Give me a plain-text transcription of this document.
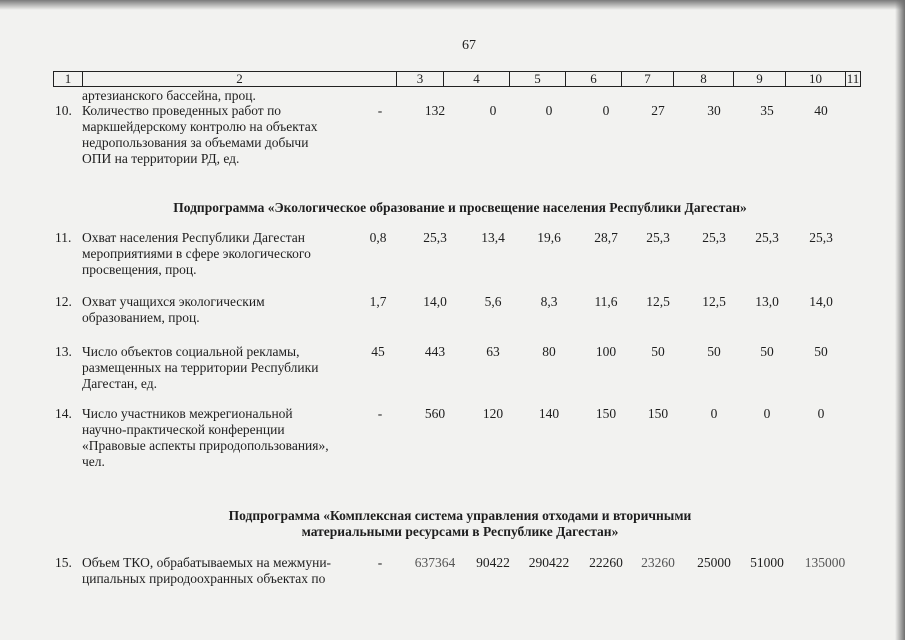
67
1	2	3	4	5	6	7	8	9	10	11
артезианского бассейна, проц.
10. Количество проведенных работ по
маркшейдерскому контролю на объектах
недропользования за объемами добычи
ОПИ на территории РД, ед.
-	132	0	0	0	27	30	35	40
Подпрограмма «Экологическое образование и просвещение населения Республики Дагестан»
11. Охват населения Республики Дагестан
мероприятиями в сфере экологического
просвещения, проц.
0,8	25,3	13,4	19,6	28,7	25,3	25,3	25,3	25,3
12. Охват учащихся экологическим
образованием, проц.
1,7	14,0	5,6	8,3	11,6	12,5	12,5	13,0	14,0
13. Число объектов социальной рекламы,
размещенных на территории Республики
Дагестан, ед.
45	443	63	80	100	50	50	50	50
14. Число участников межрегиональной
научно-практической конференции
«Правовые аспекты природопользования»,
чел.
-	560	120	140	150	150	0	0	0
Подпрограмма «Комплексная система управления отходами и вторичными
материальными ресурсами в Республике Дагестан»
15. Объем ТКО, обрабатываемых на межмуни-
ципальных природоохранных объектах по
-	637364	90422	290422	22260	23260	25000	51000	135000
